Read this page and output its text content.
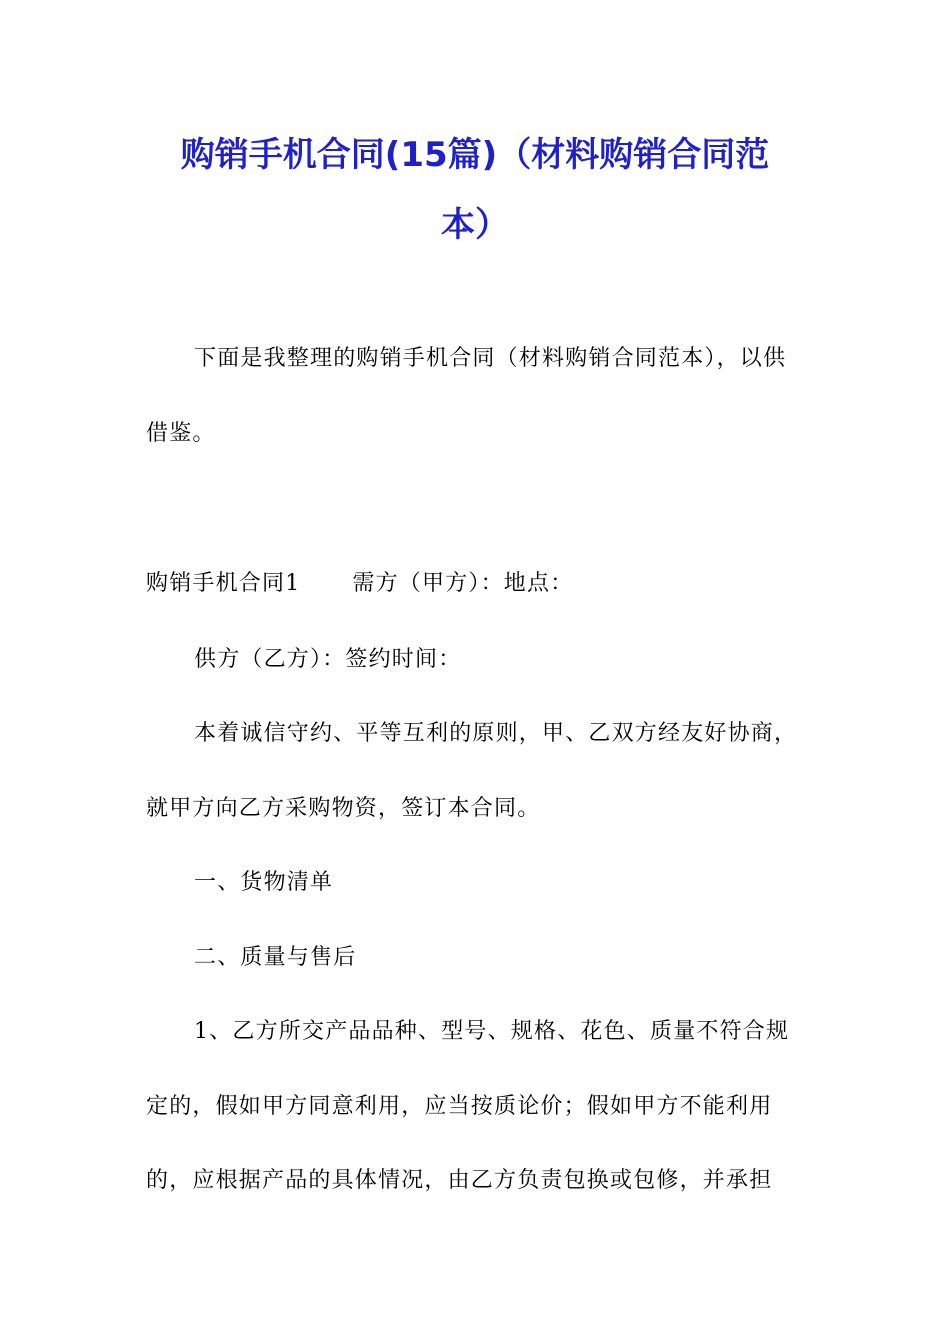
购销手机合同(15篇)（材料购销合同范
本）
下面是我整理的购销手机合同（材料购销合同范本），以供
借鉴。
购销手机合同1 需方（甲方）：地点：
供方（乙方）：签约时间：
本着诚信守约、平等互利的原则，甲、乙双方经友好协商，
就甲方向乙方采购物资，签订本合同。
一、货物清单
二、质量与售后
1、乙方所交产品品种、型号、规格、花色、质量不符合规
定的，假如甲方同意利用，应当按质论价；假如甲方不能利用
的，应根据产品的具体情况，由乙方负责包换或包修，并承担
